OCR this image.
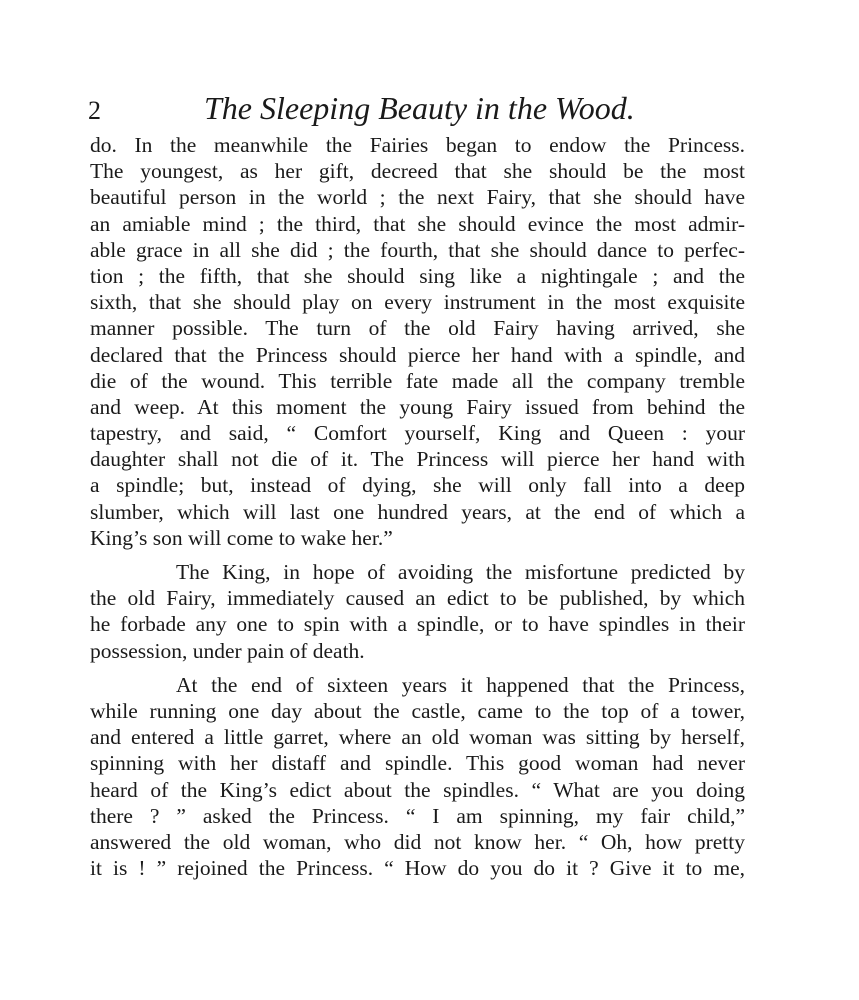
2	The Sleeping Beauty in the Wood.
do. In the meanwhile the Fairies began to endow the Princess.
The youngest, as her gift, decreed that she should be the most
beautiful person in the world ; the next Fairy, that she should have
an amiable mind ; the third, that she should evince the most admir-
able grace in all she did ; the fourth, that she should dance to perfec-
tion ; the fifth, that she should sing like a nightingale ; and the
sixth, that she should play on every instrument in the most exquisite
manner possible. The turn of the old Fairy having arrived, she
declared that the Princess should pierce her hand with a spindle, and
die of the wound. This terrible fate made all the company tremble
and weep. At this moment the young Fairy issued from behind the
tapestry, and said, “ Comfort yourself, King and Queen : your
daughter shall not die of it. The Princess will pierce her hand with
a spindle; but, instead of dying, she will only fall into a deep
slumber, which will last one hundred years, at the end of which a
King’s son will come to wake her.”
The King, in hope of avoiding the misfortune predicted by
the old Fairy, immediately caused an edict to be published, by which
he forbade any one to spin with a spindle, or to have spindles in their
possession, under pain of death.
At the end of sixteen years it happened that the Princess,
while running one day about the castle, came to the top of a tower,
and entered a little garret, where an old woman was sitting by herself,
spinning with her distaff and spindle. This good woman had never
heard of the King’s edict about the spindles. “ What are you doing
there ? ” asked the Princess. “ I am spinning, my fair child,”
answered the old woman, who did not know her. “ Oh, how pretty
it is ! ” rejoined the Princess. “ How do you do it ? Give it to me,
